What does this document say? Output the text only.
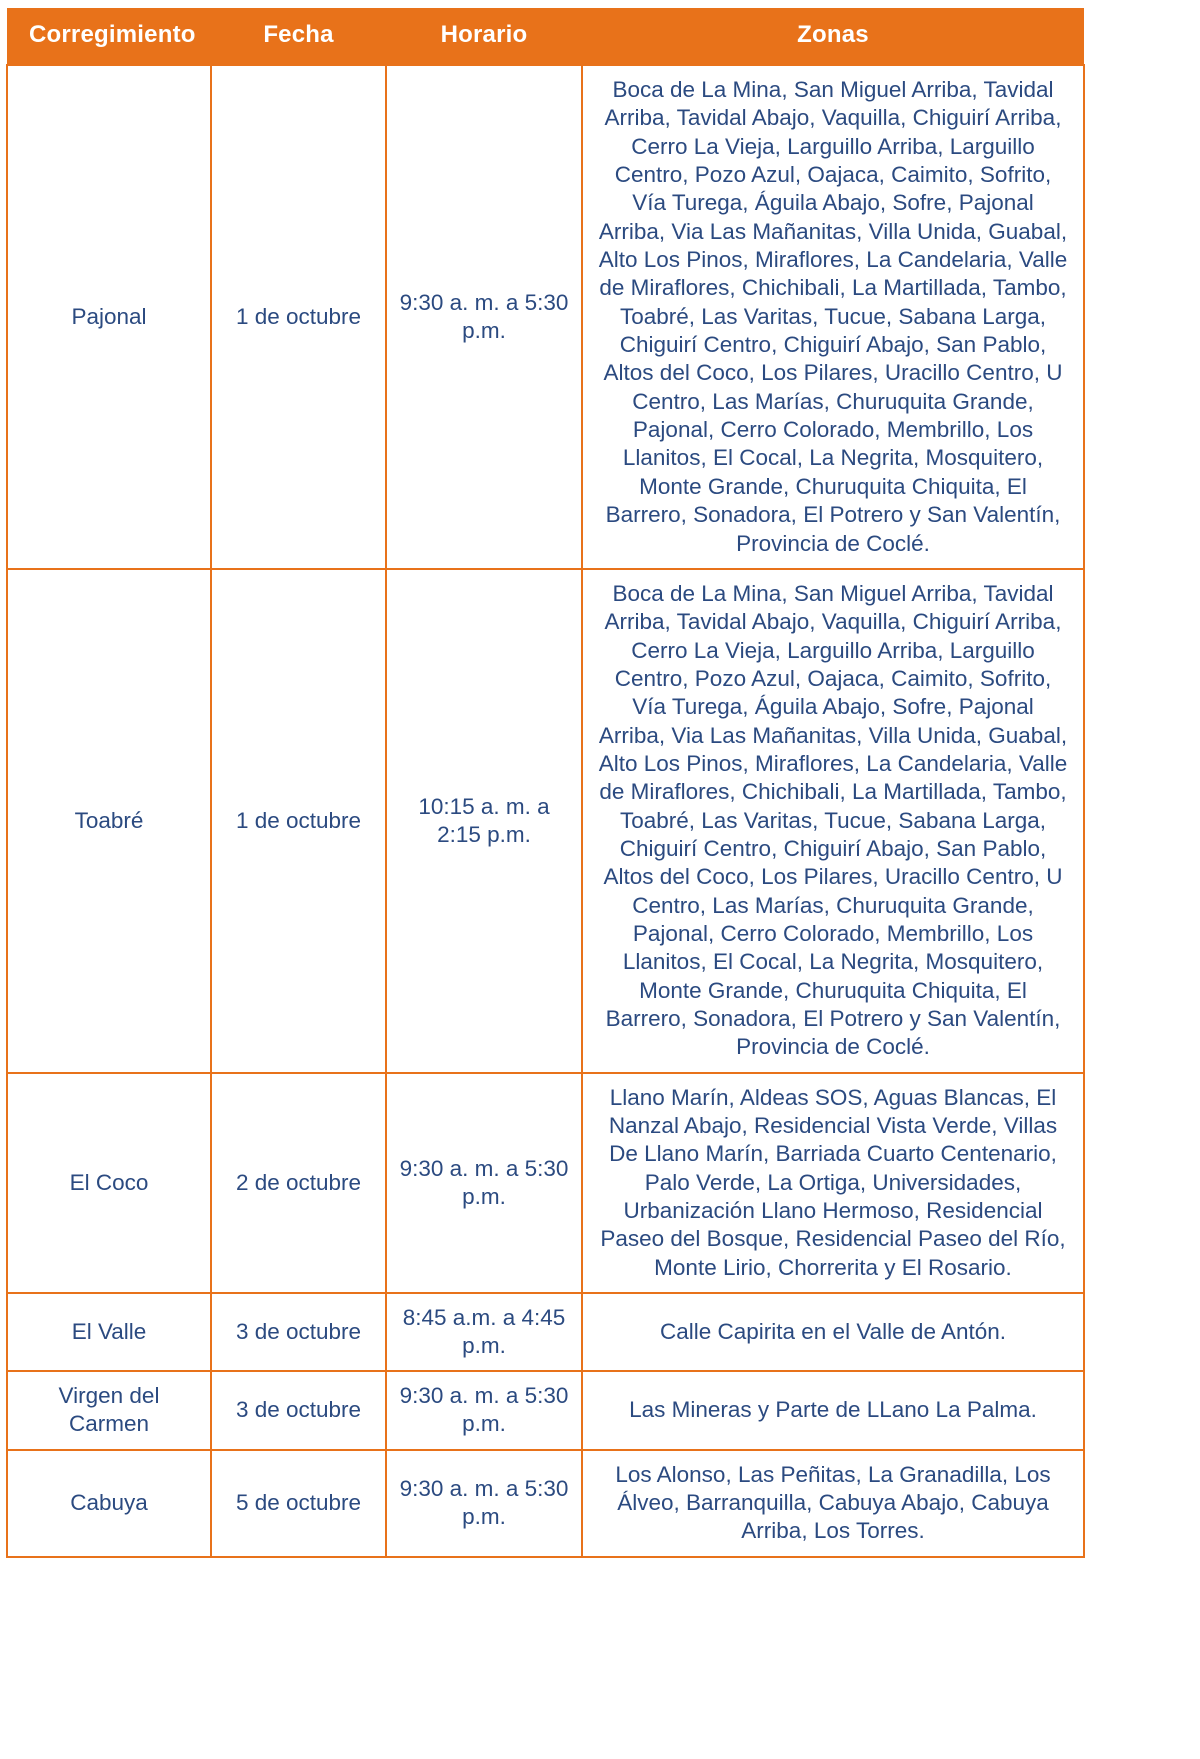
Corregimiento	Fecha	Horario	Zonas
Pajonal	1 de octubre	9:30 a. m. a 5:30 p.m.	Boca de La Mina, San Miguel Arriba, Tavidal Arriba, Tavidal Abajo, Vaquilla, Chiguirí Arriba, Cerro La Vieja, Larguillo Arriba, Larguillo Centro, Pozo Azul, Oajaca, Caimito, Sofrito, Vía Turega, Águila Abajo, Sofre, Pajonal Arriba, Via Las Mañanitas, Villa Unida, Guabal, Alto Los Pinos, Miraflores, La Candelaria, Valle de Miraflores, Chichibali, La Martillada, Tambo, Toabré, Las Varitas, Tucue, Sabana Larga, Chiguirí Centro, Chiguirí Abajo, San Pablo, Altos del Coco, Los Pilares, Uracillo Centro, U Centro, Las Marías, Churuquita Grande, Pajonal, Cerro Colorado, Membrillo, Los Llanitos, El Cocal, La Negrita, Mosquitero, Monte Grande, Churuquita Chiquita, El Barrero, Sonadora, El Potrero y San Valentín, Provincia de Coclé.
Toabré	1 de octubre	10:15 a. m. a 2:15 p.m.	Boca de La Mina, San Miguel Arriba, Tavidal Arriba, Tavidal Abajo, Vaquilla, Chiguirí Arriba, Cerro La Vieja, Larguillo Arriba, Larguillo Centro, Pozo Azul, Oajaca, Caimito, Sofrito, Vía Turega, Águila Abajo, Sofre, Pajonal Arriba, Via Las Mañanitas, Villa Unida, Guabal, Alto Los Pinos, Miraflores, La Candelaria, Valle de Miraflores, Chichibali, La Martillada, Tambo, Toabré, Las Varitas, Tucue, Sabana Larga, Chiguirí Centro, Chiguirí Abajo, San Pablo, Altos del Coco, Los Pilares, Uracillo Centro, U Centro, Las Marías, Churuquita Grande, Pajonal, Cerro Colorado, Membrillo, Los Llanitos, El Cocal, La Negrita, Mosquitero, Monte Grande, Churuquita Chiquita, El Barrero, Sonadora, El Potrero y San Valentín, Provincia de Coclé.
El Coco	2 de octubre	9:30 a. m. a 5:30 p.m.	Llano Marín, Aldeas SOS, Aguas Blancas, El Nanzal Abajo, Residencial Vista Verde, Villas De Llano Marín, Barriada Cuarto Centenario, Palo Verde, La Ortiga, Universidades, Urbanización Llano Hermoso, Residencial Paseo del Bosque, Residencial Paseo del Río, Monte Lirio, Chorrerita y El Rosario.
El Valle	3 de octubre	8:45 a.m. a 4:45 p.m.	Calle Capirita en el Valle de Antón.
Virgen del Carmen	3 de octubre	9:30 a. m. a 5:30 p.m.	Las Mineras y Parte de LLano La Palma.
Cabuya	5 de octubre	9:30 a. m. a 5:30 p.m.	Los Alonso, Las Peñitas, La Granadilla, Los Álveo, Barranquilla, Cabuya Abajo, Cabuya Arriba, Los Torres.
